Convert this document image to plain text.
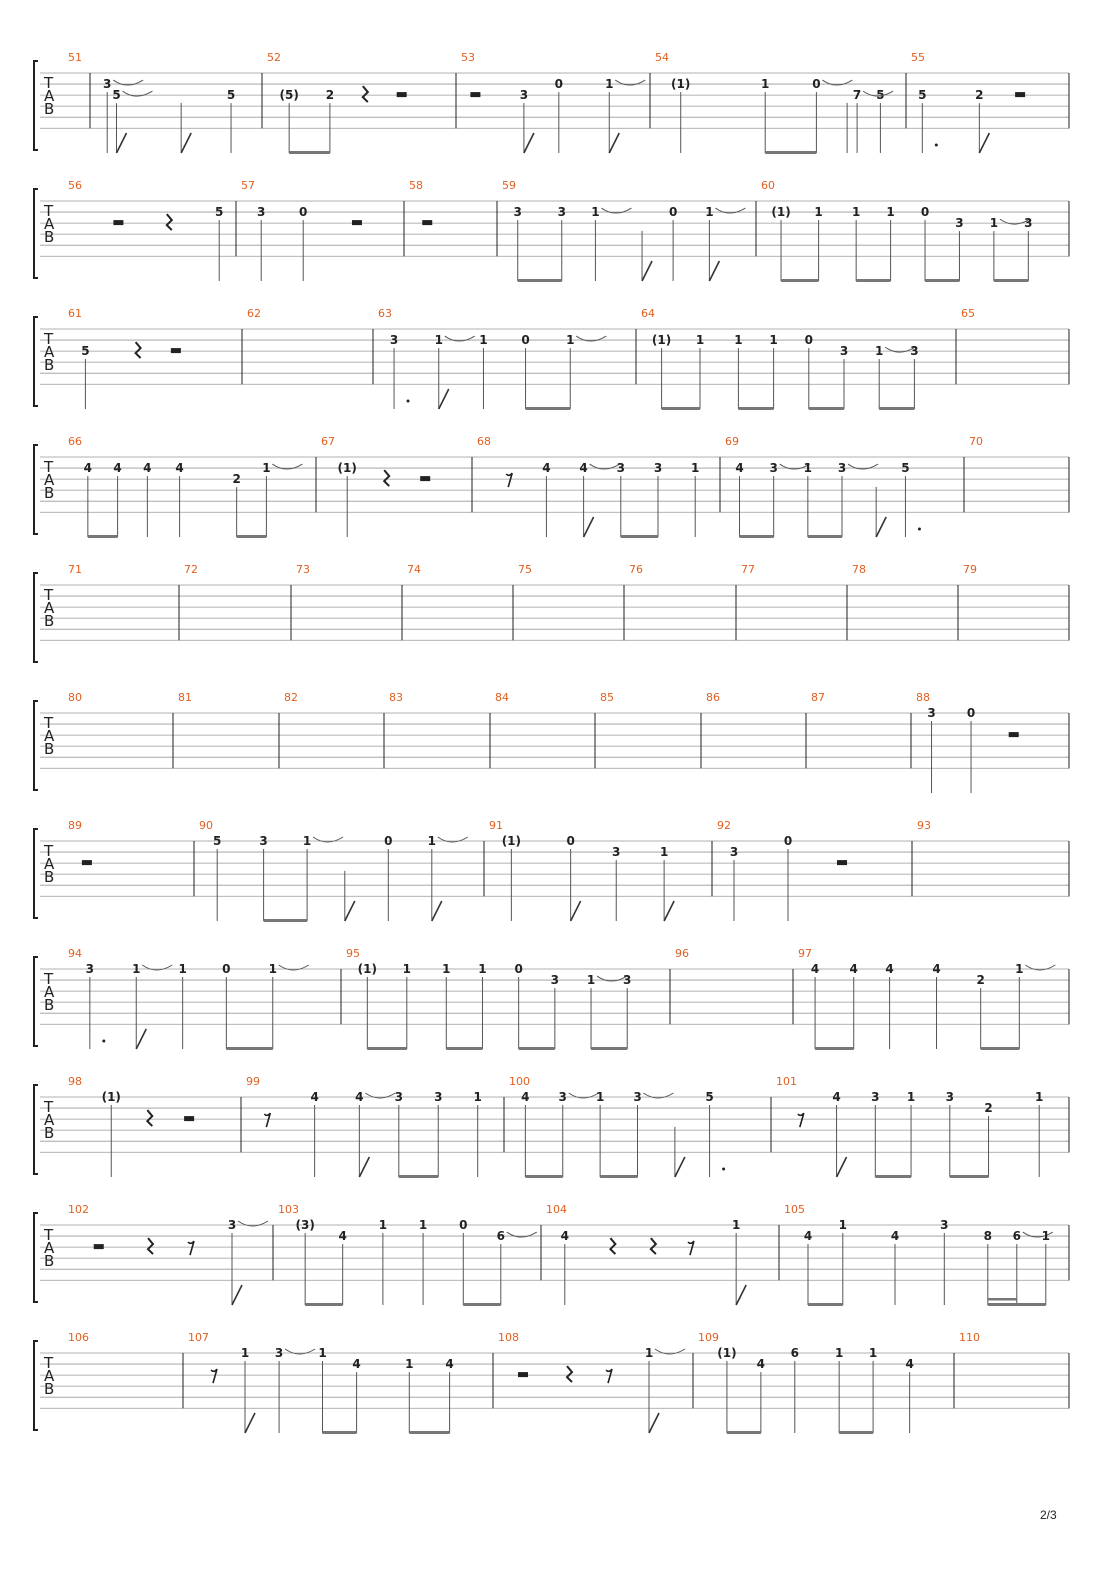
T
A
B
51
3
5
52
5	(5) 2
53
3
0	1
54
(1)	1	0
5
55
7	5	2
T
A
B
56
5
57
3	0
58	59
3	3 1	0 1
60
(1) 1 1 1 0
3 1 3
T
A
B
61
5
62	63
3	1	1	0	1
64
(1) 1	1 1 0
3 1 3
65
T
A
B
66
4 4 4 4
2
1
67
(1)
68
4 4 3 3 1
69
4 3 1 3	5
70
T
A
B
71	72	73	74	75	76	77	78	79
T
A
B
80	81	82	83	84	85	86	87	88
3	0
T
A
B
89	90
5	3	1	0	1
91
(1)	0
3	1
92
3
0
93
T
A
B
94
3	1	1	0	1
95
(1) 1	1 1 0
3 1 3
96	97
4	4 4	4
2
1
T
A
B
98
(1)
99
4	4	3	3	1
100
4 3 1 3	5
101
4	3 1	3
2
1
T
A
B
102
3
103
(3)
4
1	1	0
6
104
4
1
105
4
1
4
3
8 6 1
T
A
B
106	107
1 3	1
4	1	4
108
1
109
(1)
4
6	1 1
4
110
2/3
